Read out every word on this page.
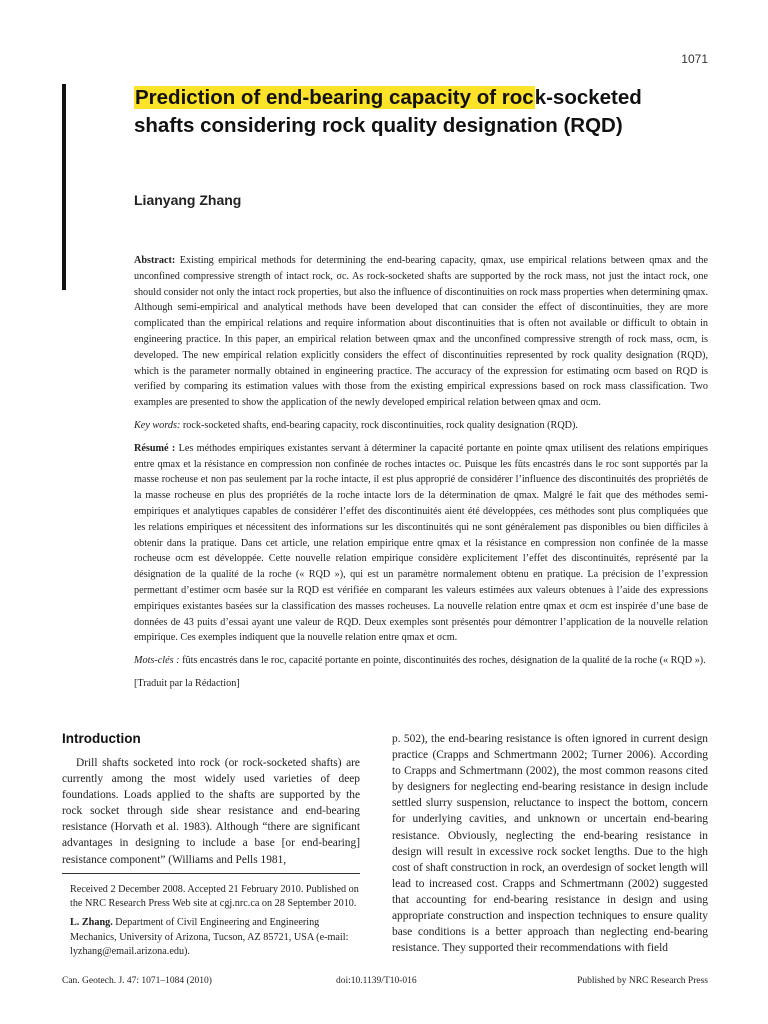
1071
Prediction of end-bearing capacity of rock-socketed shafts considering rock quality designation (RQD)

Lianyang Zhang

Abstract: Existing empirical methods for determining the end-bearing capacity, qmax, use empirical relations between qmax and the unconfined compressive strength of intact rock, σc. As rock-socketed shafts are supported by the rock mass, not just the intact rock, one should consider not only the intact rock properties, but also the influence of discontinuities on rock mass properties when determining qmax. Although semi-empirical and analytical methods have been developed that can consider the effect of discontinuities, they are more complicated than the empirical relations and require information about discontinuities that is often not available or difficult to obtain in engineering practice. In this paper, an empirical relation between qmax and the unconfined compressive strength of rock mass, σcm, is developed. The new empirical relation explicitly considers the effect of discontinuities represented by rock quality designation (RQD), which is the parameter normally obtained in engineering practice. The accuracy of the expression for estimating σcm based on RQD is verified by comparing its estimation values with those from the existing empirical expressions based on rock mass classification. Two examples are presented to show the application of the newly developed empirical relation between qmax and σcm.

Key words: rock-socketed shafts, end-bearing capacity, rock discontinuities, rock quality designation (RQD).

Résumé : Les méthodes empiriques existantes servant à déterminer la capacité portante en pointe qmax utilisent des relations empiriques entre qmax et la résistance en compression non confinée de roches intactes σc. Puisque les fûts encastrés dans le roc sont supportés par la masse rocheuse et non pas seulement par la roche intacte, il est plus approprié de considérer l’influence des discontinuités des propriétés de la masse rocheuse en plus des propriétés de la roche intacte lors de la détermination de qmax. Malgré le fait que des méthodes semi-empiriques et analytiques capables de considérer l’effet des discontinuités aient été développées, ces méthodes sont plus compliquées que les relations empiriques et nécessitent des informations sur les discontinuités qui ne sont généralement pas disponibles ou bien difficiles à obtenir dans la pratique. Dans cet article, une relation empirique entre qmax et la résistance en compression non confinée de la masse rocheuse σcm est développée. Cette nouvelle relation empirique considère explicitement l’effet des discontinuités, représenté par la désignation de la qualité de la roche (« RQD »), qui est un paramètre normalement obtenu en pratique. La précision de l’expression permettant d’estimer σcm basée sur la RQD est vérifiée en comparant les valeurs estimées aux valeurs obtenues à l’aide des expressions empiriques existantes basées sur la classification des masses rocheuses. La nouvelle relation entre qmax et σcm est inspirée d’une base de données de 43 puits d’essai ayant une valeur de RQD. Deux exemples sont présentés pour démontrer l’application de la nouvelle relation empirique. Ces exemples indiquent que la nouvelle relation entre qmax et σcm.

Mots-clés : fûts encastrés dans le roc, capacité portante en pointe, discontinuités des roches, désignation de la qualité de la roche (« RQD »).

[Traduit par la Rédaction]

Introduction

Drill shafts socketed into rock (or rock-socketed shafts) are currently among the most widely used varieties of deep foundations. Loads applied to the shafts are supported by the rock socket through side shear resistance and end-bearing resistance (Horvath et al. 1983). Although “there are significant advantages in designing to include a base [or end-bearing] resistance component” (Williams and Pells 1981,

Received 2 December 2008. Accepted 21 February 2010. Published on the NRC Research Press Web site at cgj.nrc.ca on 28 September 2010.

L. Zhang. Department of Civil Engineering and Engineering Mechanics, University of Arizona, Tucson, AZ 85721, USA (e-mail: lyzhang@email.arizona.edu).

p. 502), the end-bearing resistance is often ignored in current design practice (Crapps and Schmertmann 2002; Turner 2006). According to Crapps and Schmertmann (2002), the most common reasons cited by designers for neglecting end-bearing resistance in design include settled slurry suspension, reluctance to inspect the bottom, concern for underlying cavities, and unknown or uncertain end-bearing resistance. Obviously, neglecting the end-bearing resistance in design will result in excessive rock socket lengths. Due to the high cost of shaft construction in rock, an overdesign of socket length will lead to increased cost. Crapps and Schmertmann (2002) suggested that accounting for end-bearing resistance in design and using appropriate construction and inspection techniques to ensure quality base conditions is a better approach than neglecting end-bearing resistance. They supported their recommendations with field

Can. Geotech. J. 47: 1071–1084 (2010)	doi:10.1139/T10-016	Published by NRC Research Press
